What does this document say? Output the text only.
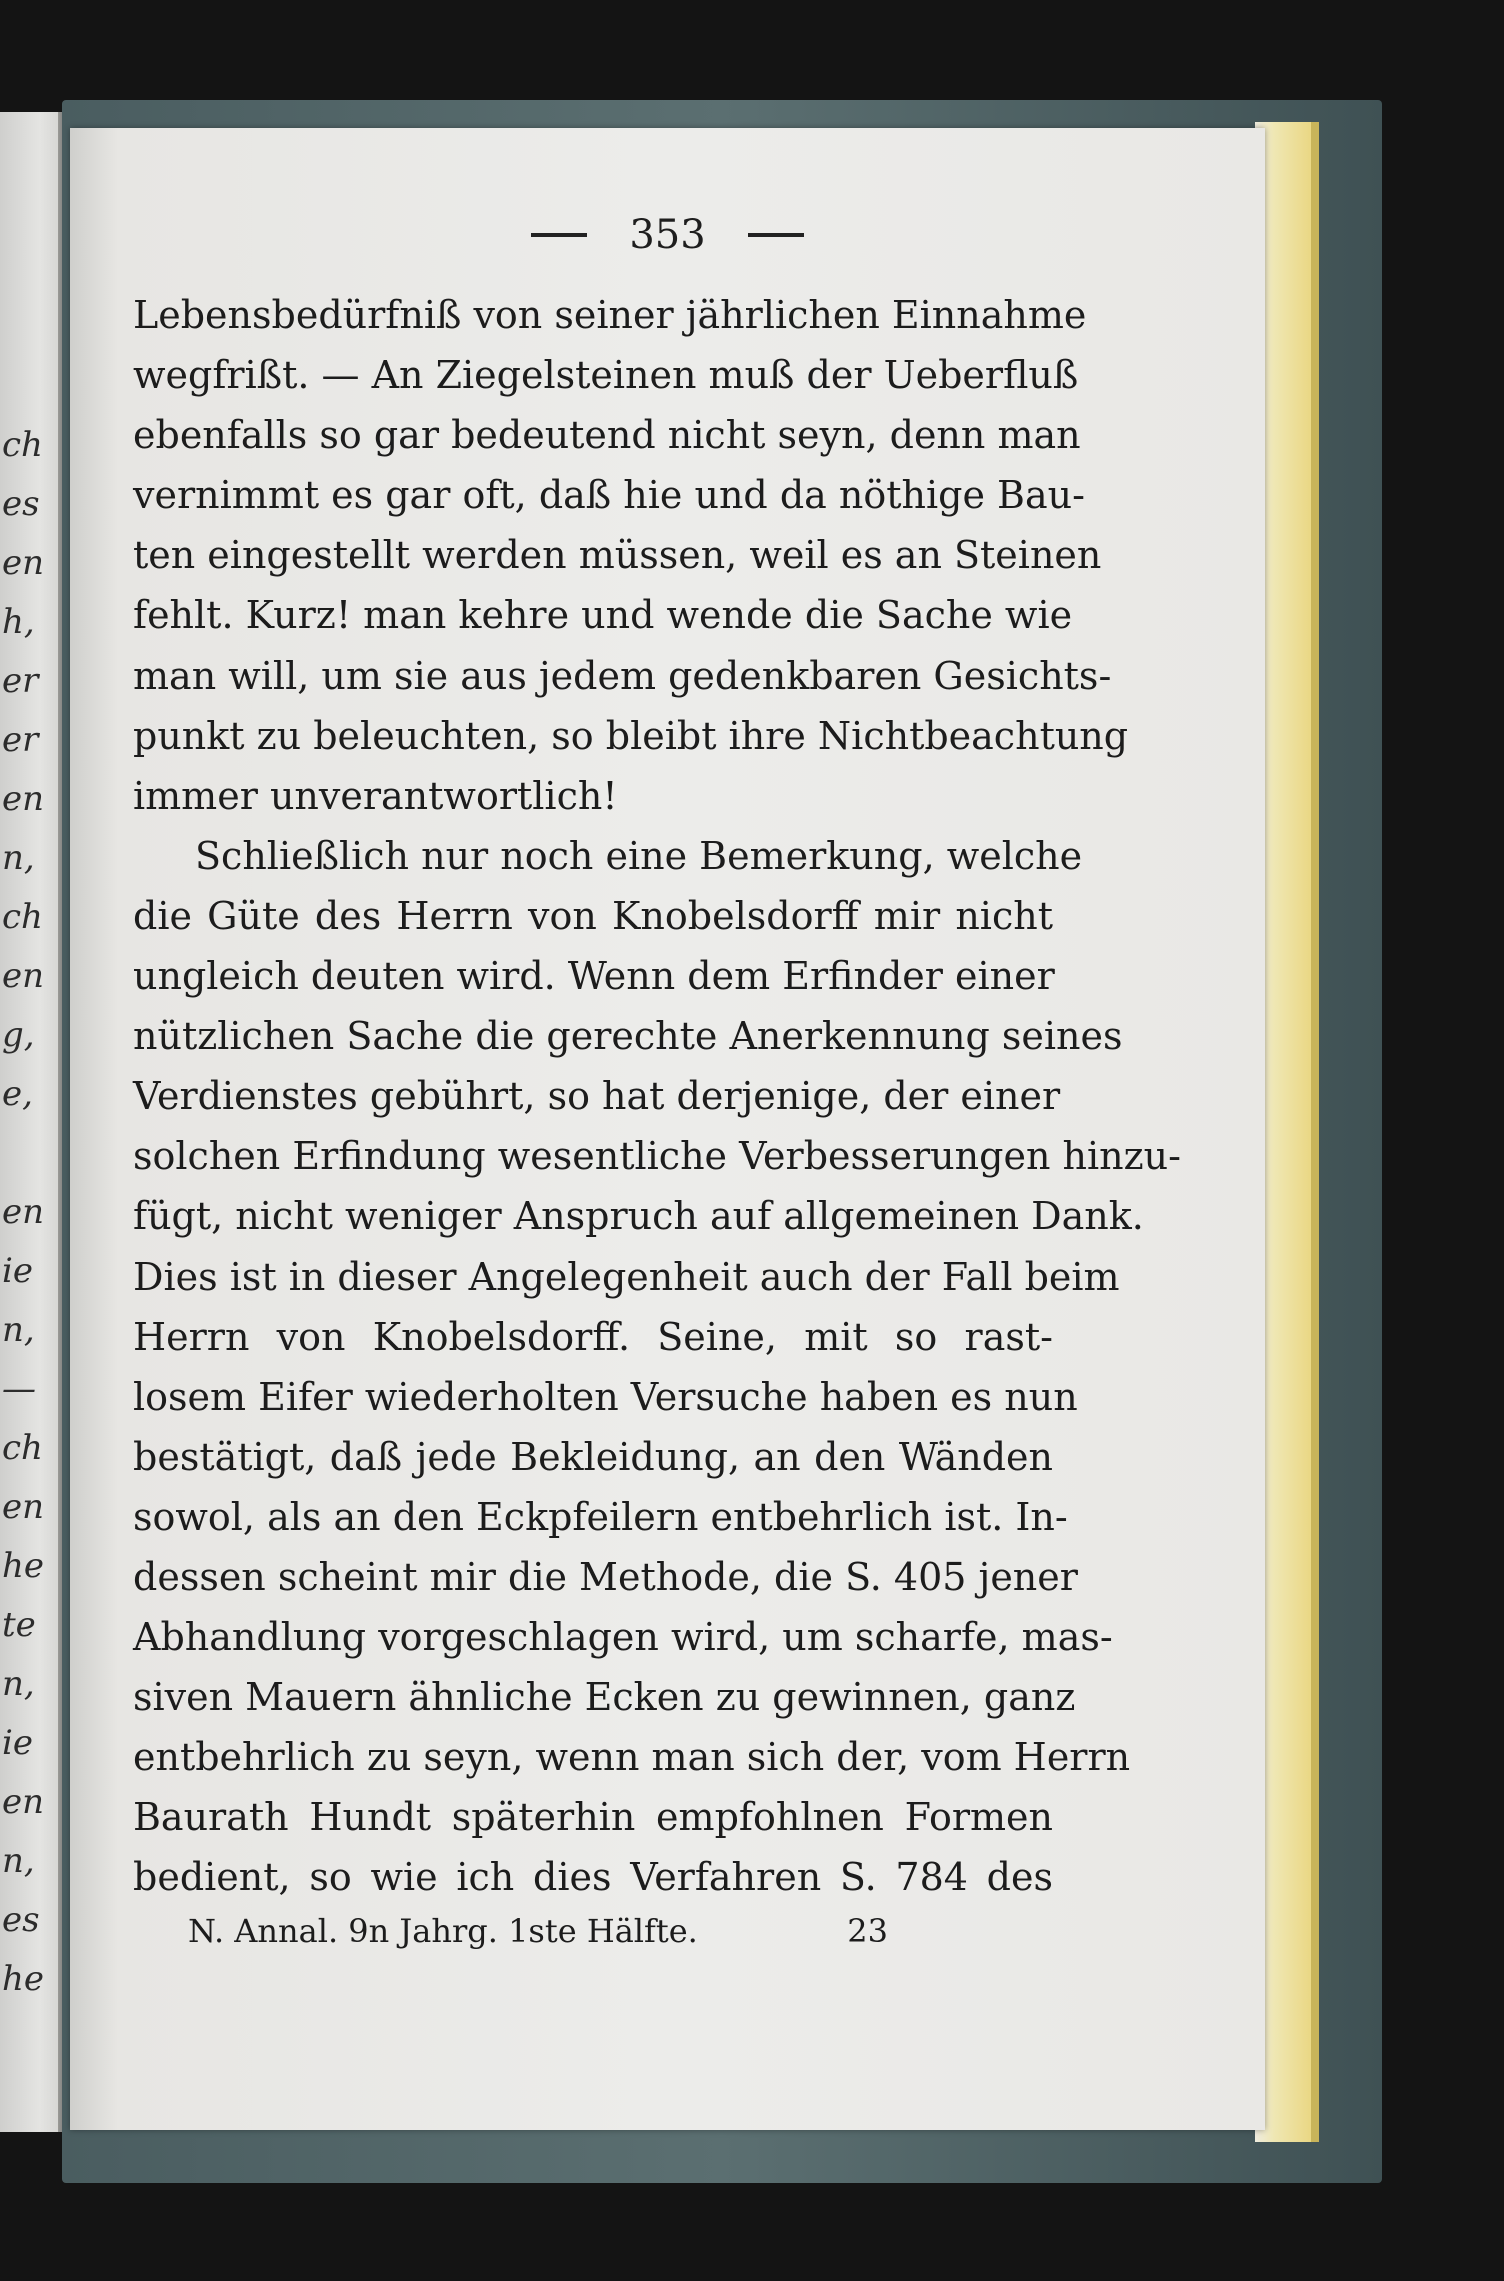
ch
es
en
h,
er
er
en
n,
ch
en
g,
e,
en
ie
n,
—
ch
en
he
te
n,
ie
en
n,
es
he
353
Lebensbedürfniß von seiner jährlichen Einnahme
wegfrißt. — An Ziegelsteinen muß der Ueberfluß
ebenfalls so gar bedeutend nicht seyn, denn man
vernimmt es gar oft, daß hie und da nöthige Bau-
ten eingestellt werden müssen, weil es an Steinen
fehlt. Kurz! man kehre und wende die Sache wie
man will, um sie aus jedem gedenkbaren Gesichts-
punkt zu beleuchten, so bleibt ihre Nichtbeachtung
immer unverantwortlich!
Schließlich nur noch eine Bemerkung, welche
die Güte des Herrn von Knobelsdorff mir nicht
ungleich deuten wird. Wenn dem Erfinder einer
nützlichen Sache die gerechte Anerkennung seines
Verdienstes gebührt, so hat derjenige, der einer
solchen Erfindung wesentliche Verbesserungen hinzu-
fügt, nicht weniger Anspruch auf allgemeinen Dank.
Dies ist in dieser Angelegenheit auch der Fall beim
Herrn von Knobelsdorff. Seine, mit so rast-
losem Eifer wiederholten Versuche haben es nun
bestätigt, daß jede Bekleidung, an den Wänden
sowol, als an den Eckpfeilern entbehrlich ist. In-
dessen scheint mir die Methode, die S. 405 jener
Abhandlung vorgeschlagen wird, um scharfe, mas-
siven Mauern ähnliche Ecken zu gewinnen, ganz
entbehrlich zu seyn, wenn man sich der, vom Herrn
Baurath Hundt späterhin empfohlnen Formen
bedient, so wie ich dies Verfahren S. 784 des
N. Annal. 9n Jahrg. 1ste Hälfte.	23
